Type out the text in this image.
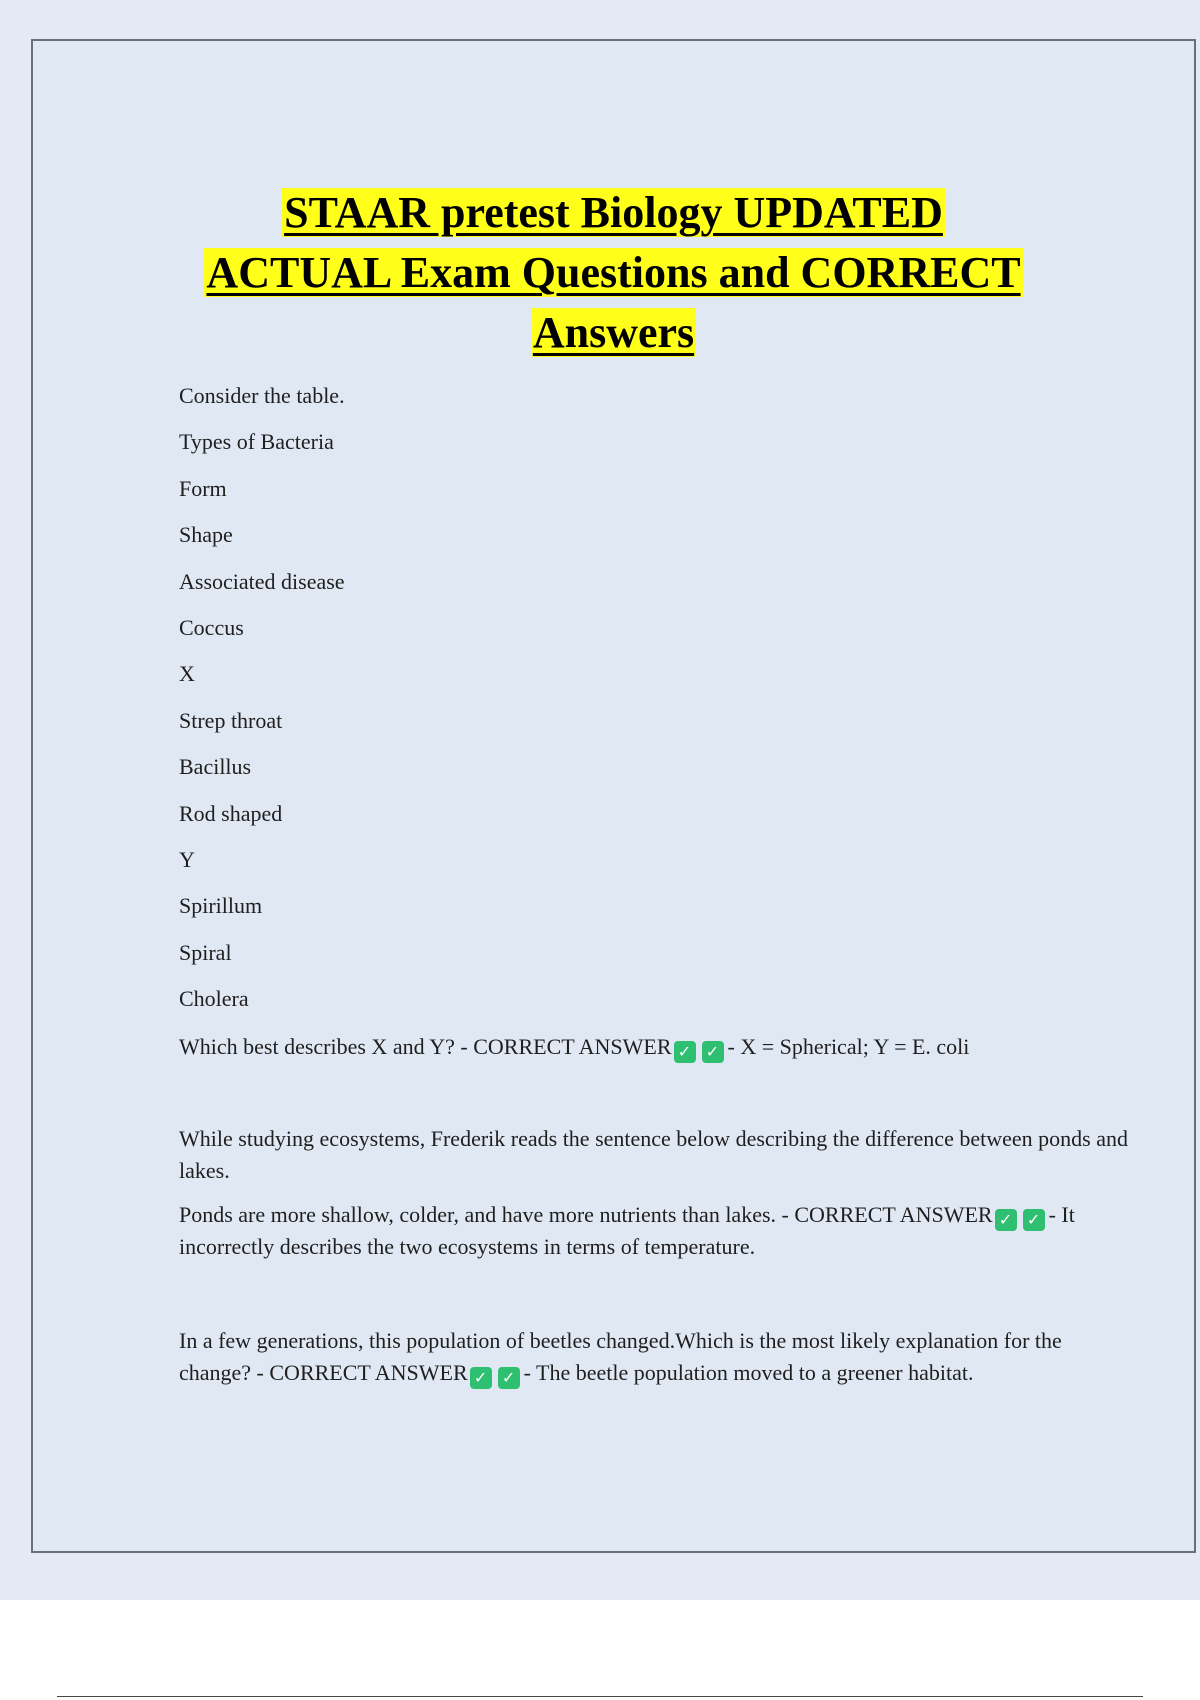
STAAR pretest Biology UPDATED
ACTUAL Exam Questions and CORRECT
Answers
Consider the table.
Types of Bacteria
Form
Shape
Associated disease
Coccus
X
Strep throat
Bacillus
Rod shaped
Y
Spirillum
Spiral
Cholera
Which best describes X and Y? - CORRECT ANSWER ✓ ✓ - X = Spherical; Y = E. coli

While studying ecosystems, Frederik reads the sentence below describing the difference between ponds and lakes.

Ponds are more shallow, colder, and have more nutrients than lakes. - CORRECT ANSWER ✓ ✓ - It incorrectly describes the two ecosystems in terms of temperature.

In a few generations, this population of beetles changed.Which is the most likely explanation for the change? - CORRECT ANSWER ✓ ✓ - The beetle population moved to a greener habitat.
